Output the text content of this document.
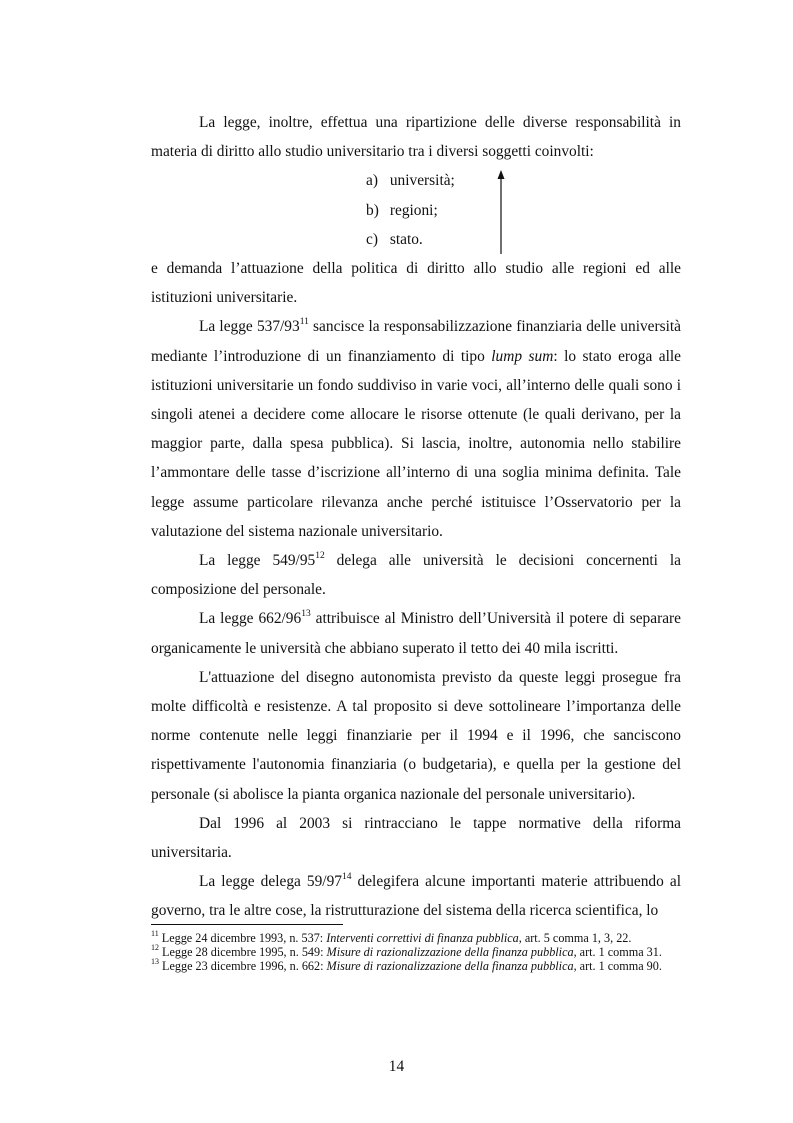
La legge, inoltre, effettua una ripartizione delle diverse responsabilità in materia di diritto allo studio universitario tra i diversi soggetti coinvolti:

a) università;
b) regioni;
c) stato.

e demanda l’attuazione della politica di diritto allo studio alle regioni ed alle istituzioni universitarie.

La legge $537/93^{11}$ sancisce la responsabilizzazione finanziaria delle università mediante l’introduzione di un finanziamento di tipo lump sum: lo stato eroga alle istituzioni universitarie un fondo suddiviso in varie voci, all’interno delle quali sono i singoli atenei a decidere come allocare le risorse ottenute (le quali derivano, per la maggior parte, dalla spesa pubblica). Si lascia, inoltre, autonomia nello stabilire l’ammontare delle tasse d’iscrizione all’interno di una soglia minima definita. Tale legge assume particolare rilevanza anche perché istituisce l’Osservatorio per la valutazione del sistema nazionale universitario.

La legge $549/95^{12}$ delega alle università le decisioni concernenti la composizione del personale.

La legge $662/96^{13}$ attribuisce al Ministro dell’Università il potere di separare organicamente le università che abbiano superato il tetto dei 40 mila iscritti.

L'attuazione del disegno autonomista previsto da queste leggi prosegue fra molte difficoltà e resistenze. A tal proposito si deve sottolineare l’importanza delle norme contenute nelle leggi finanziarie per il 1994 e il 1996, che sanciscono rispettivamente l'autonomia finanziaria (o budgetaria), e quella per la gestione del personale (si abolisce la pianta organica nazionale del personale universitario).

Dal 1996 al 2003 si rintracciano le tappe normative della riforma universitaria.

La legge delega $59/97^{14}$ delegifera alcune importanti materie attribuendo al governo, tra le altre cose, la ristrutturazione del sistema della ricerca scientifica, lo

$^{11}$ Legge 24 dicembre 1993, n. 537: Interventi correttivi di finanza pubblica, art. 5 comma 1, 3, 22.

$^{12}$ Legge 28 dicembre 1995, n. 549: Misure di razionalizzazione della finanza pubblica, art. 1 comma 31.

$^{13}$ Legge 23 dicembre 1996, n. 662: Misure di razionalizzazione della finanza pubblica, art. 1 comma 90.

14
